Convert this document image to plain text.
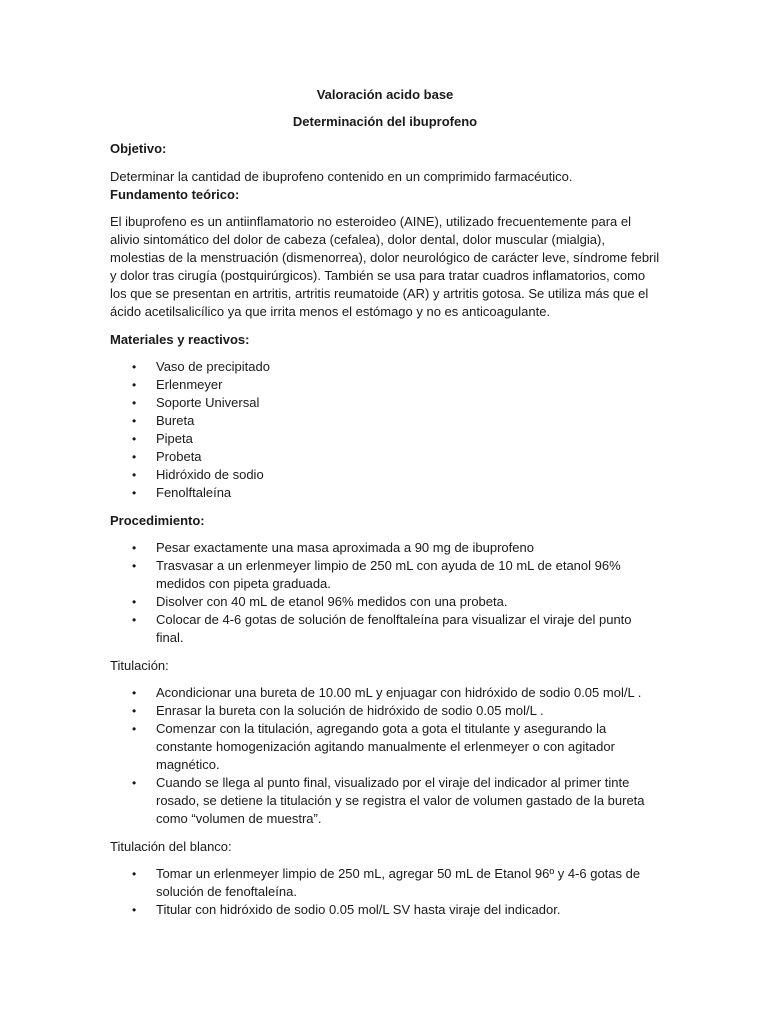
Valoración acido base
Determinación del ibuprofeno
Objetivo:

Determinar la cantidad de ibuprofeno contenido en un comprimido farmacéutico.

Fundamento teórico:

El ibuprofeno es un antiinflamatorio no esteroideo (AINE), utilizado frecuentemente para el alivio sintomático del dolor de cabeza (cefalea), dolor dental, dolor muscular (mialgia), molestias de la menstruación (dismenorrea), dolor neurológico de carácter leve, síndrome febril y dolor tras cirugía (postquirúrgicos). También se usa para tratar cuadros inflamatorios, como los que se presentan en artritis, artritis reumatoide (AR) y artritis gotosa. Se utiliza más que el ácido acetilsalicílico ya que irrita menos el estómago y no es anticoagulante.

Materiales y reactivos:
• Vaso de precipitado
• Erlenmeyer
• Soporte Universal
• Bureta
• Pipeta
• Probeta
• Hidróxido de sodio
• Fenolftaleína
Procedimiento:
• Pesar exactamente una masa aproximada a 90 mg de ibuprofeno
• Trasvasar a un erlenmeyer limpio de 250 mL con ayuda de 10 mL de etanol 96% medidos con pipeta graduada.
• Disolver con 40 mL de etanol 96% medidos con una probeta.
• Colocar de 4-6 gotas de solución de fenolftaleína para visualizar el viraje del punto final.
Titulación:
• Acondicionar una bureta de 10.00 mL y enjuagar con hidróxido de sodio 0.05 mol/L .
• Enrasar la bureta con la solución de hidróxido de sodio 0.05 mol/L .
• Comenzar con la titulación, agregando gota a gota el titulante y asegurando la constante homogenización agitando manualmente el erlenmeyer o con agitador magnético.
• Cuando se llega al punto final, visualizado por el viraje del indicador al primer tinte rosado, se detiene la titulación y se registra el valor de volumen gastado de la bureta como “volumen de muestra”.
Titulación del blanco:
• Tomar un erlenmeyer limpio de 250 mL, agregar 50 mL de Etanol 96º y 4-6 gotas de solución de fenoftaleína.
• Titular con hidróxido de sodio 0.05 mol/L SV hasta viraje del indicador.
